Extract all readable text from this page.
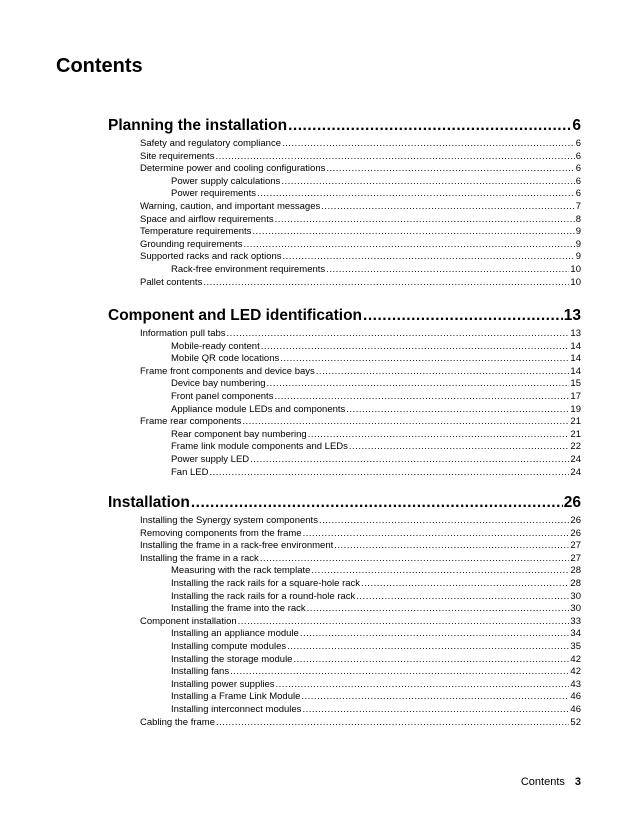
Contents
Planning the installation .....	6
Safety and regulatory compliance .....	6
Site requirements .....	6
Determine power and cooling configurations .....	6
Power supply calculations .....	6
Power requirements .....	6
Warning, caution, and important messages .....	7
Space and airflow requirements .....	8
Temperature requirements .....	9
Grounding requirements .....	9
Supported racks and rack options .....	9
Rack-free environment requirements .....	10
Pallet contents .....	10
Component and LED identification .....	13
Information pull tabs .....	13
Mobile-ready content .....	14
Mobile QR code locations .....	14
Frame front components and device bays .....	14
Device bay numbering .....	15
Front panel components .....	17
Appliance module LEDs and components .....	19
Frame rear components .....	21
Rear component bay numbering .....	21
Frame link module components and LEDs .....	22
Power supply LED .....	24
Fan LED .....	24
Installation .....	26
Installing the Synergy system components .....	26
Removing components from the frame .....	26
Installing the frame in a rack-free environment .....	27
Installing the frame in a rack .....	27
Measuring with the rack template .....	28
Installing the rack rails for a square-hole rack .....	28
Installing the rack rails for a round-hole rack .....	30
Installing the frame into the rack .....	30
Component installation .....	33
Installing an appliance module .....	34
Installing compute modules .....	35
Installing the storage module .....	42
Installing fans .....	42
Installing power supplies .....	43
Installing a Frame Link Module .....	46
Installing interconnect modules .....	46
Cabling the frame .....	52
Contents 3
